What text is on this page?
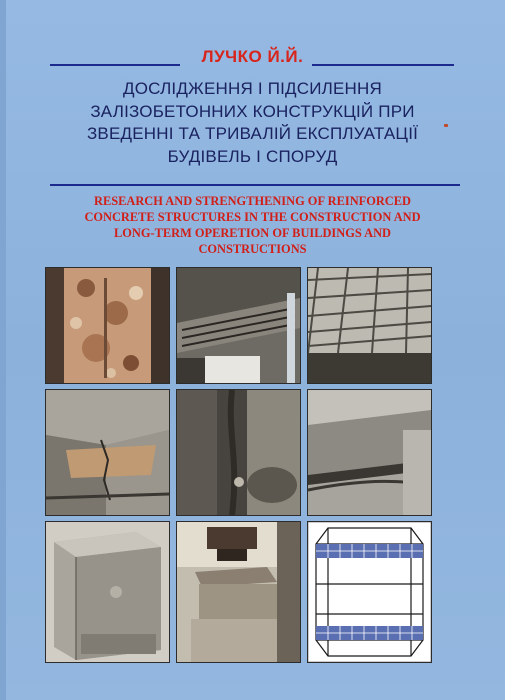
ЛУЧКО Й.Й.
ДОСЛІДЖЕННЯ І ПІДСИЛЕННЯ
ЗАЛІЗОБЕТОННИХ КОНСТРУКЦІЙ ПРИ
ЗВЕДЕННІ ТА ТРИВАЛІЙ ЕКСПЛУАТАЦІЇ
БУДІВЕЛЬ І СПОРУД
RESEARCH AND STRENGTHENING OF REINFORCED
CONCRETE STRUCTURES IN THE CONSTRUCTION AND
LONG-TERM OPERETION OF BUILDINGS AND
CONSTRUCTIONS
